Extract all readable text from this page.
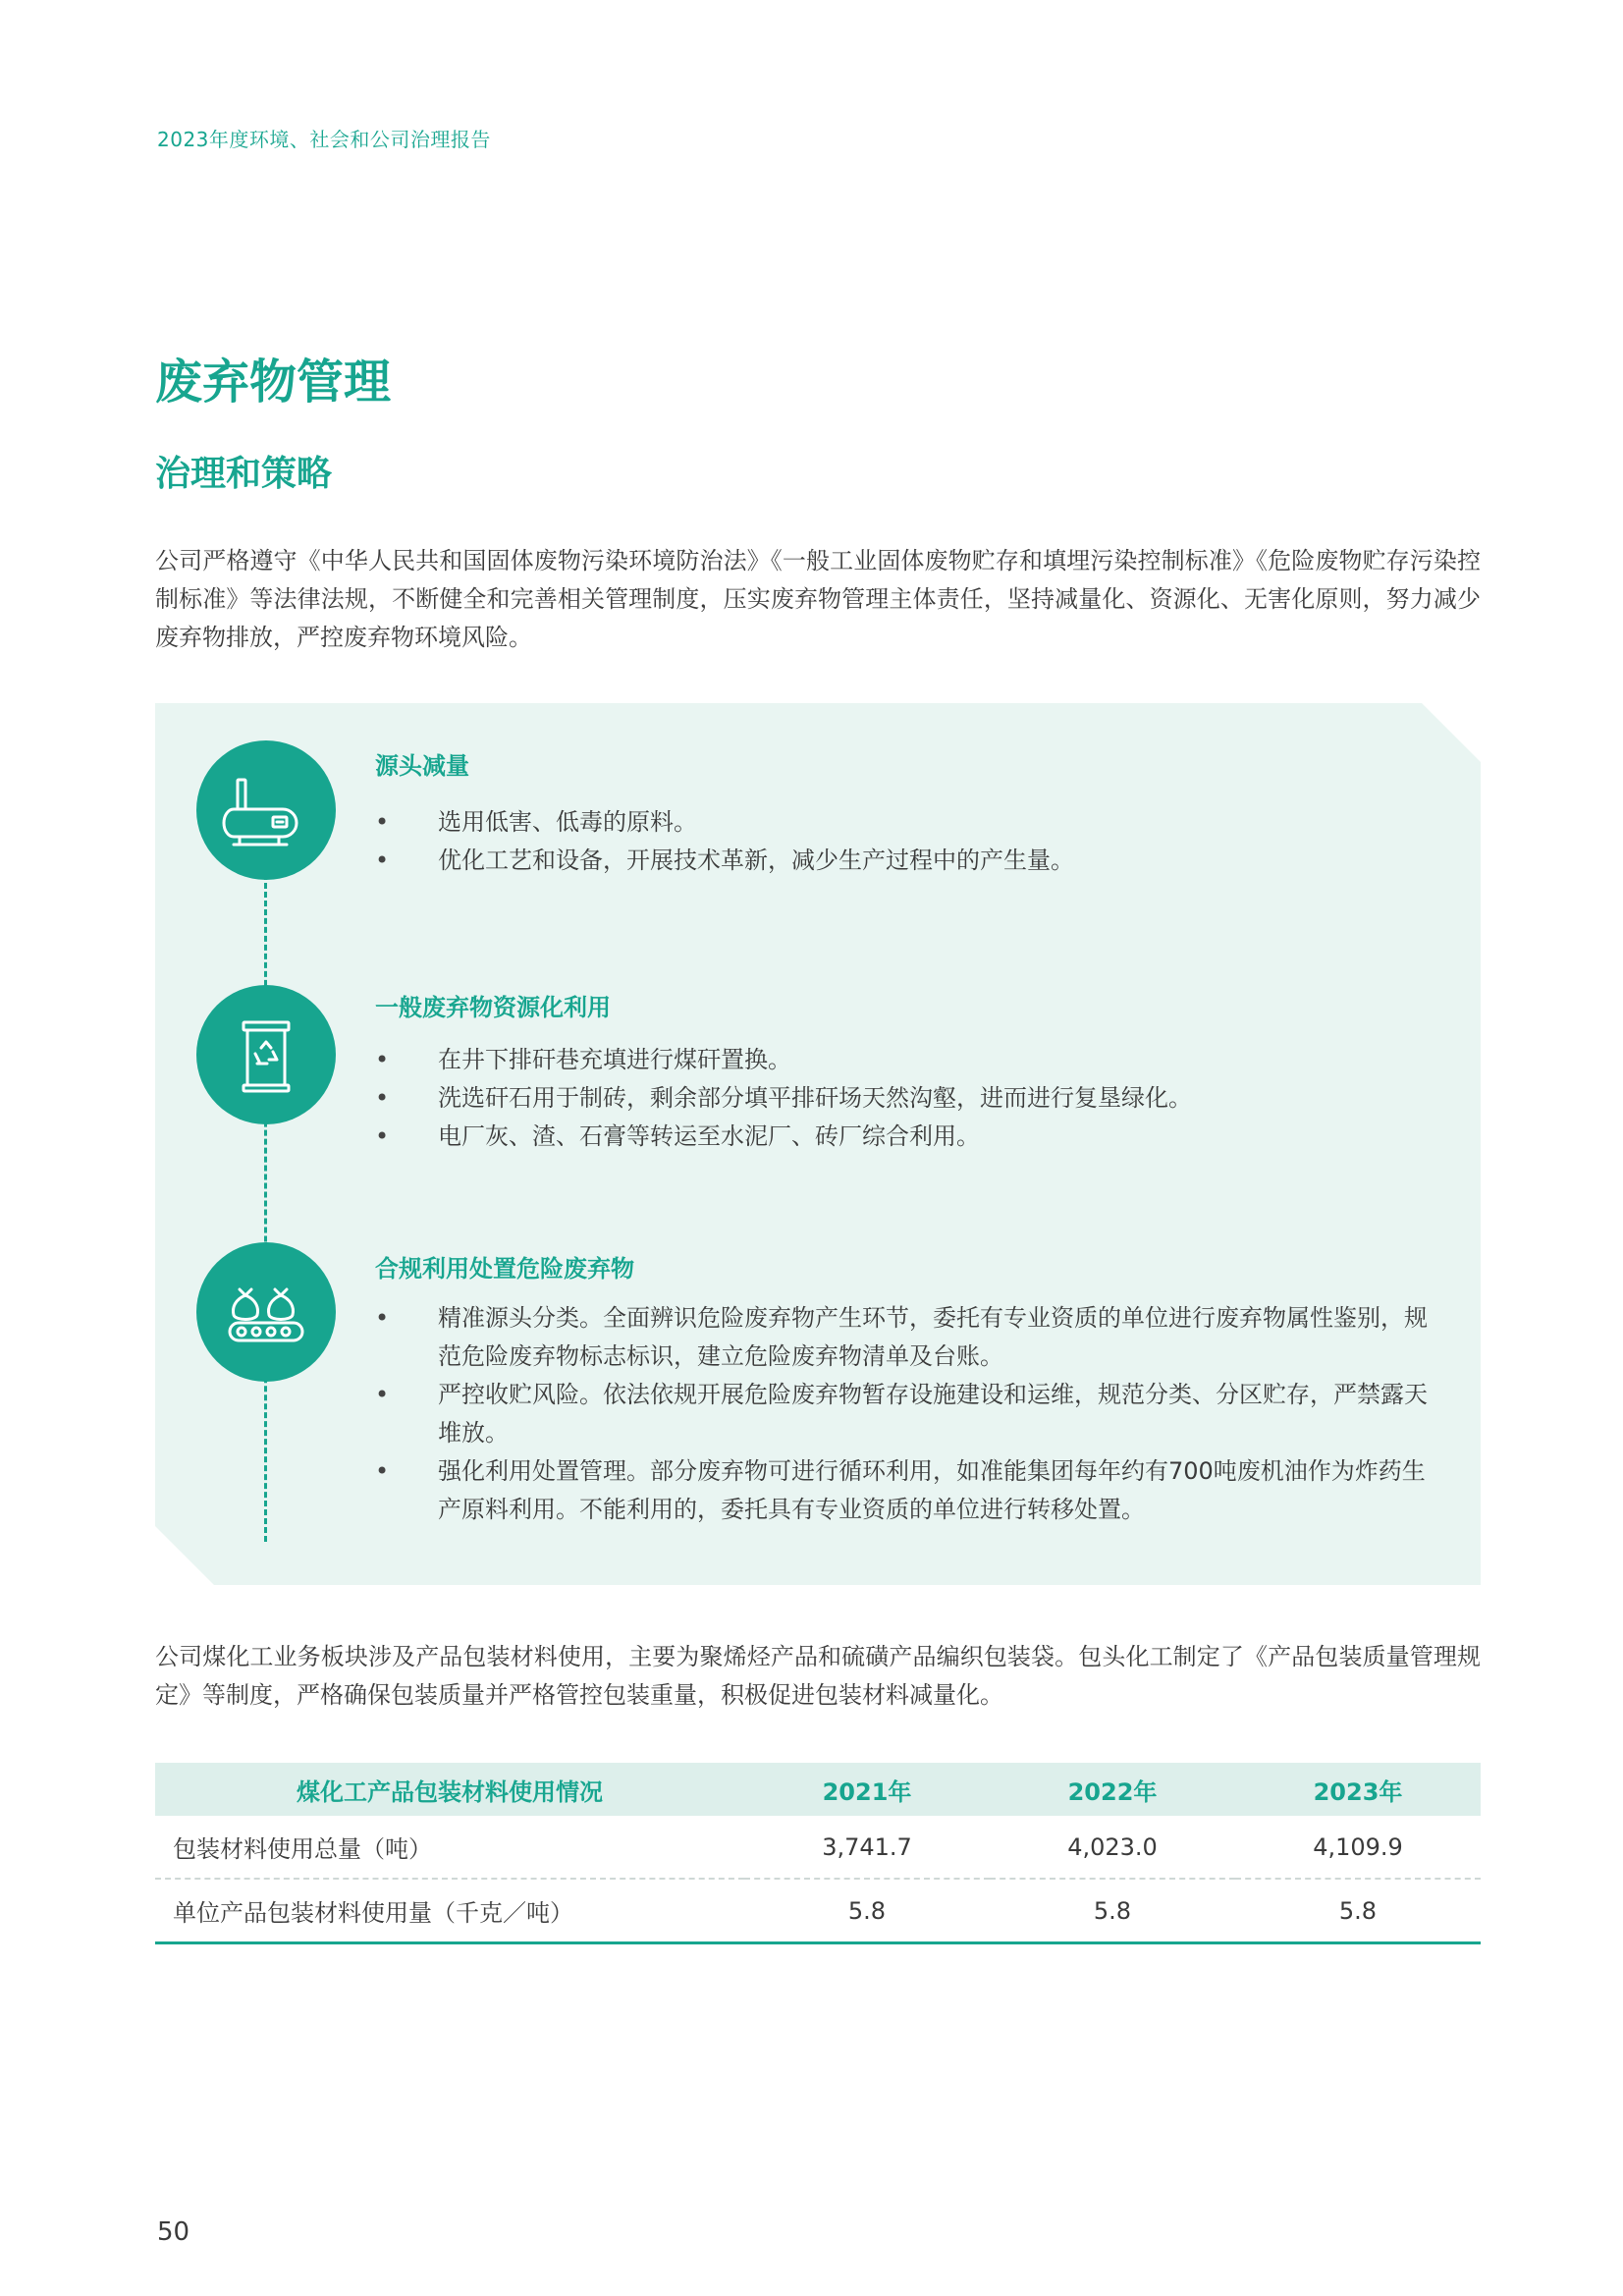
2023年度环境、社会和公司治理报告
废弃物管理
治理和策略

公司严格遵守《中华人民共和国固体废物污染环境防治法》《一般工业固体废物贮存和填埋污染控制标准》《危险废物贮存污染控制标准》等法律法规，不断健全和完善相关管理制度，压实废弃物管理主体责任，坚持减量化、资源化、无害化原则，努力减少废弃物排放，严控废弃物环境风险。

源头减量
• 选用低害、低毒的原料。
• 优化工艺和设备，开展技术革新，减少生产过程中的产生量。
一般废弃物资源化利用
• 在井下排矸巷充填进行煤矸置换。
• 洗选矸石用于制砖，剩余部分填平排矸场天然沟壑，进而进行复垦绿化。
• 电厂灰、渣、石膏等转运至水泥厂、砖厂综合利用。
合规利用处置危险废弃物
• 精准源头分类。全面辨识危险废弃物产生环节，委托有专业资质的单位进行废弃物属性鉴别，规范危险废弃物标志标识，建立危险废弃物清单及台账。
• 严控收贮风险。依法依规开展危险废弃物暂存设施建设和运维，规范分类、分区贮存，严禁露天堆放。
• 强化利用处置管理。部分废弃物可进行循环利用，如准能集团每年约有700吨废机油作为炸药生产原料利用。不能利用的，委托具有专业资质的单位进行转移处置。

公司煤化工业务板块涉及产品包装材料使用，主要为聚烯烃产品和硫磺产品编织包装袋。包头化工制定了《产品包装质量管理规定》等制度，严格确保包装质量并严格管控包装重量，积极促进包装材料减量化。

煤化工产品包装材料使用情况	2021年	2022年	2023年
包装材料使用总量（吨）	3,741.7	4,023.0	4,109.9
单位产品包装材料使用量（千克／吨）	5.8	5.8	5.8
50
